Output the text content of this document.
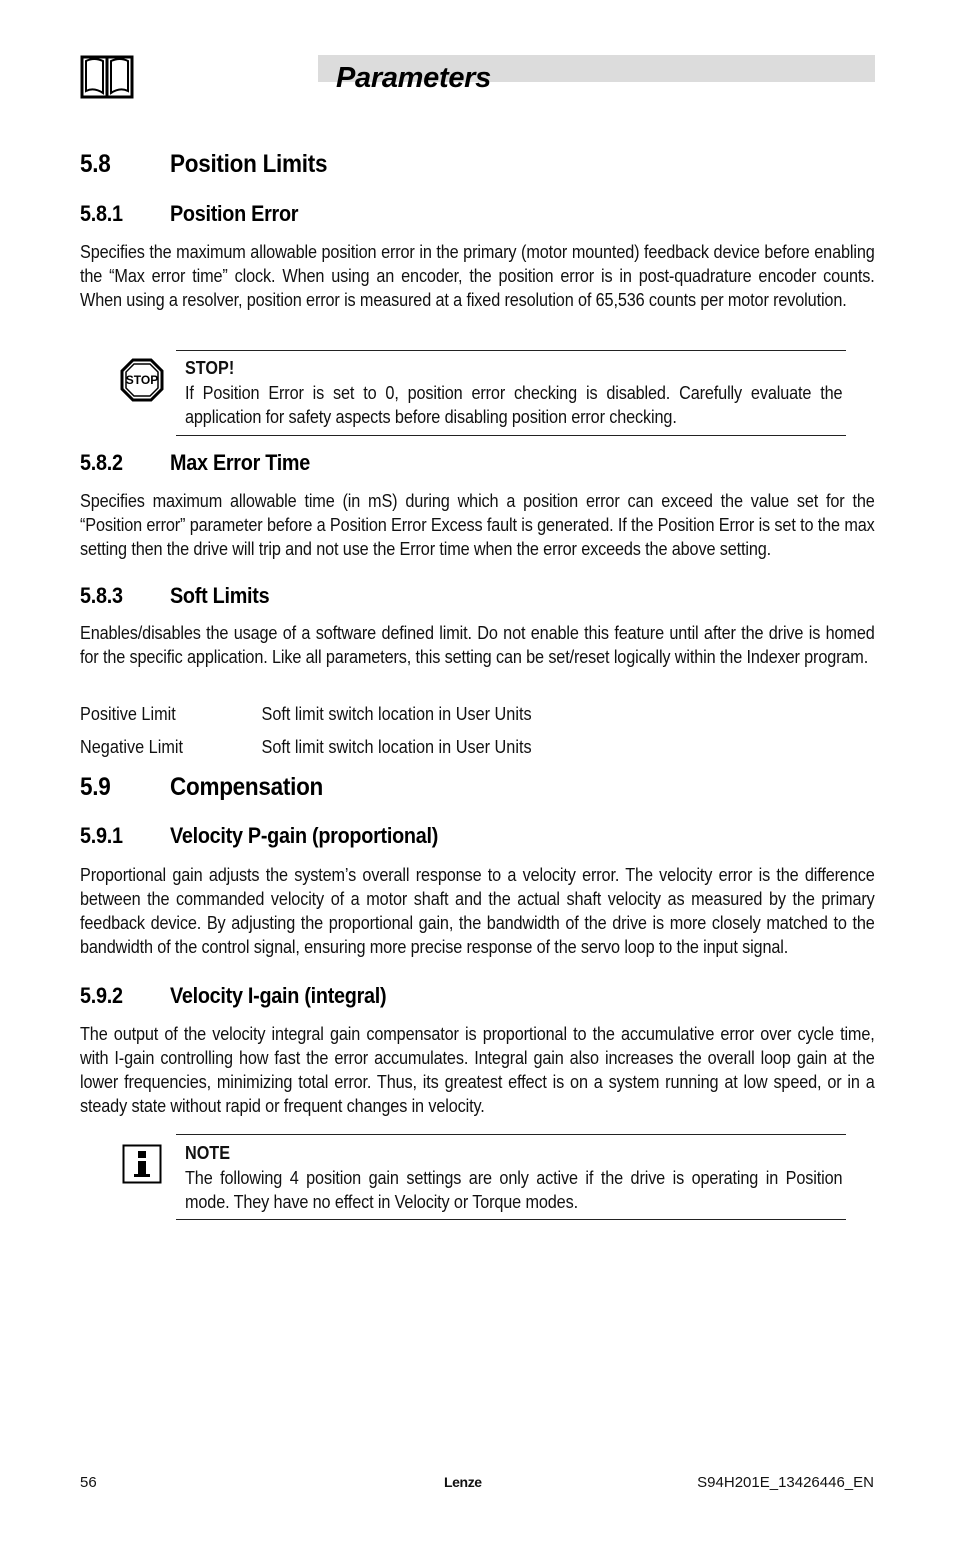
Parameters
5.8 Position Limits
5.8.1 Position Error

Specifies the maximum allowable position error in the primary (motor mounted) feedback device before enabling the “Max error time” clock. When using an encoder, the position error is in post-quadrature encoder counts. When using a resolver, position error is measured at a fixed resolution of 65,536 counts per motor revolution.

STOP
STOP!

If Position Error is set to 0, position error checking is disabled. Carefully evaluate the application for safety aspects before disabling position error checking.

5.8.2 Max Error Time

Specifies maximum allowable time (in mS) during which a position error can exceed the value set for the “Position error” parameter before a Position Error Excess fault is generated. If the Position Error is set to the max setting then the drive will trip and not use the Error time when the error exceeds the above setting.

5.8.3 Soft Limits

Enables/disables the usage of a software defined limit. Do not enable this feature until after the drive is homed for the specific application. Like all parameters, this setting can be set/reset logically within the Indexer program.

Positive Limit	Soft limit switch location in User Units
Negative Limit	Soft limit switch location in User Units
5.9 Compensation
5.9.1 Velocity P-gain (proportional)

Proportional gain adjusts the system’s overall response to a velocity error. The velocity error is the difference between the commanded velocity of a motor shaft and the actual shaft velocity as measured by the primary feedback device. By adjusting the proportional gain, the bandwidth of the drive is more closely matched to the bandwidth of the control signal, ensuring more precise response of the servo loop to the input signal.

5.9.2 Velocity I-gain (integral)

The output of the velocity integral gain compensator is proportional to the accumulative error over cycle time, with I-gain controlling how fast the error accumulates. Integral gain also increases the overall loop gain at the lower frequencies, minimizing total error. Thus, its greatest effect is on a system running at low speed, or in a steady state without rapid or frequent changes in velocity.

NOTE

The following 4 position gain settings are only active if the drive is operating in Position mode. They have no effect in Velocity or Torque modes.

56	Lenze	S94H201E_13426446_EN
